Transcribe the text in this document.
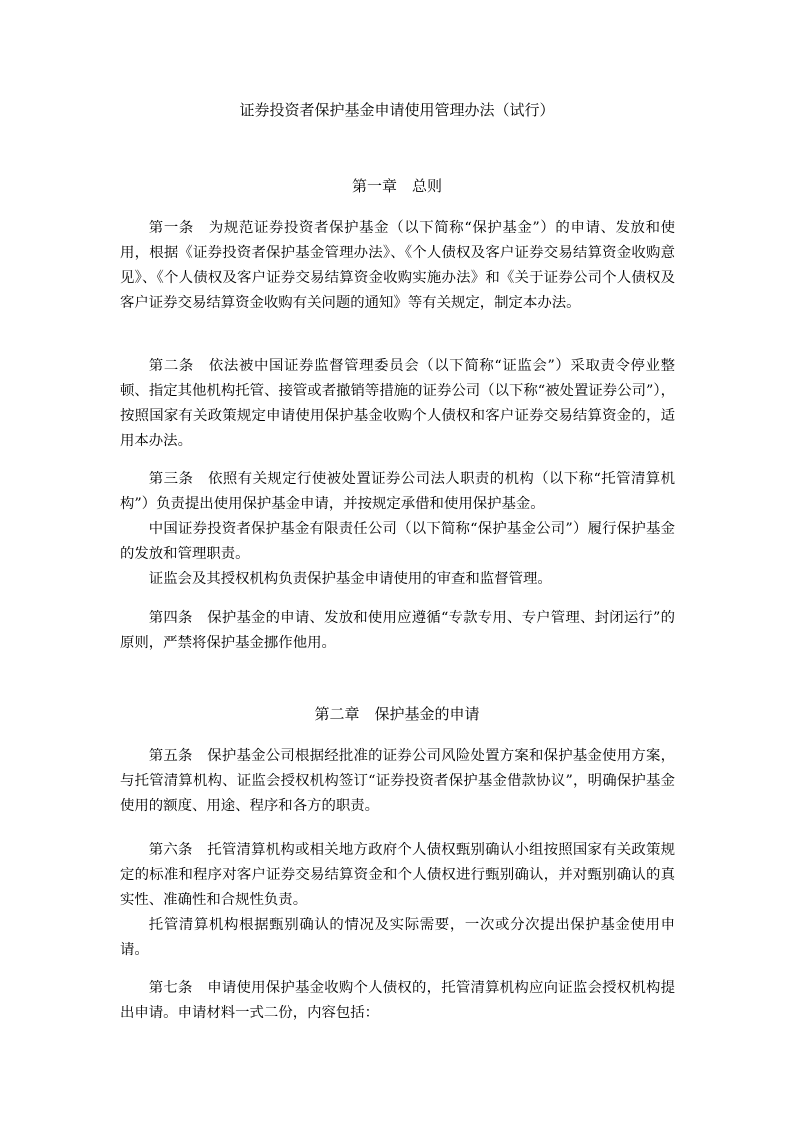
证券投资者保护基金申请使用管理办法（试行）
第一章　总则

第一条　为规范证券投资者保护基金（以下简称“保护基金”）的申请、发放和使用，根据《证券投资者保护基金管理办法》、《个人债权及客户证券交易结算资金收购意见》、《个人债权及客户证券交易结算资金收购实施办法》和《关于证券公司个人债权及客户证券交易结算资金收购有关问题的通知》等有关规定，制定本办法。

第二条　依法被中国证券监督管理委员会（以下简称“证监会”）采取责令停业整顿、指定其他机构托管、接管或者撤销等措施的证券公司（以下称“被处置证券公司”），按照国家有关政策规定申请使用保护基金收购个人债权和客户证券交易结算资金的，适用本办法。

第三条　依照有关规定行使被处置证券公司法人职责的机构（以下称“托管清算机构”）负责提出使用保护基金申请，并按规定承借和使用保护基金。

中国证券投资者保护基金有限责任公司（以下简称“保护基金公司”）履行保护基金的发放和管理职责。

证监会及其授权机构负责保护基金申请使用的审查和监督管理。

第四条　保护基金的申请、发放和使用应遵循“专款专用、专户管理、封闭运行”的原则，严禁将保护基金挪作他用。

第二章　保护基金的申请

第五条　保护基金公司根据经批准的证券公司风险处置方案和保护基金使用方案，与托管清算机构、证监会授权机构签订“证券投资者保护基金借款协议”，明确保护基金使用的额度、用途、程序和各方的职责。

第六条　托管清算机构或相关地方政府个人债权甄别确认小组按照国家有关政策规定的标准和程序对客户证券交易结算资金和个人债权进行甄别确认，并对甄别确认的真实性、准确性和合规性负责。

托管清算机构根据甄别确认的情况及实际需要，一次或分次提出保护基金使用申请。

第七条　申请使用保护基金收购个人债权的，托管清算机构应向证监会授权机构提出申请。申请材料一式二份，内容包括：
